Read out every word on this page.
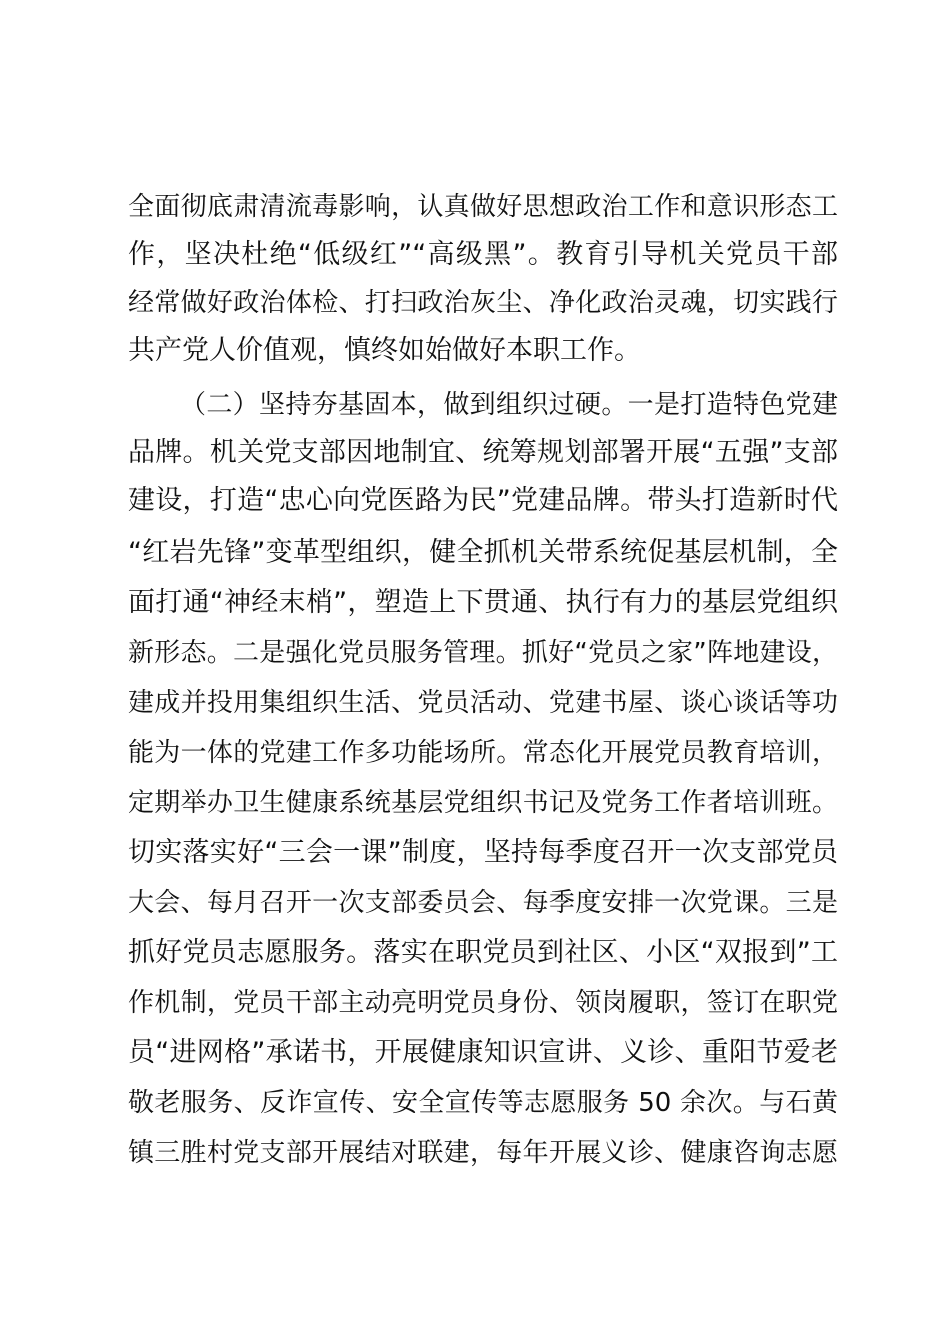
全面彻底肃清流毒影响，认真做好思想政治工作和意识形态工
作，坚决杜绝“低级红”“高级黑”。教育引导机关党员干部
经常做好政治体检、打扫政治灰尘、净化政治灵魂，切实践行
共产党人价值观，慎终如始做好本职工作。
（二）坚持夯基固本，做到组织过硬。一是打造特色党建
品牌。机关党支部因地制宜、统筹规划部署开展“五强”支部
建设，打造“忠心向党医路为民”党建品牌。带头打造新时代
“红岩先锋”变革型组织，健全抓机关带系统促基层机制，全
面打通“神经末梢”，塑造上下贯通、执行有力的基层党组织
新形态。二是强化党员服务管理。抓好“党员之家”阵地建设，
建成并投用集组织生活、党员活动、党建书屋、谈心谈话等功
能为一体的党建工作多功能场所。常态化开展党员教育培训，
定期举办卫生健康系统基层党组织书记及党务工作者培训班。
切实落实好“三会一课”制度，坚持每季度召开一次支部党员
大会、每月召开一次支部委员会、每季度安排一次党课。三是
抓好党员志愿服务。落实在职党员到社区、小区“双报到”工
作机制，党员干部主动亮明党员身份、领岗履职，签订在职党
员“进网格”承诺书，开展健康知识宣讲、义诊、重阳节爱老
敬老服务、反诈宣传、安全宣传等志愿服务 50 余次。与石黄
镇三胜村党支部开展结对联建，每年开展义诊、健康咨询志愿
